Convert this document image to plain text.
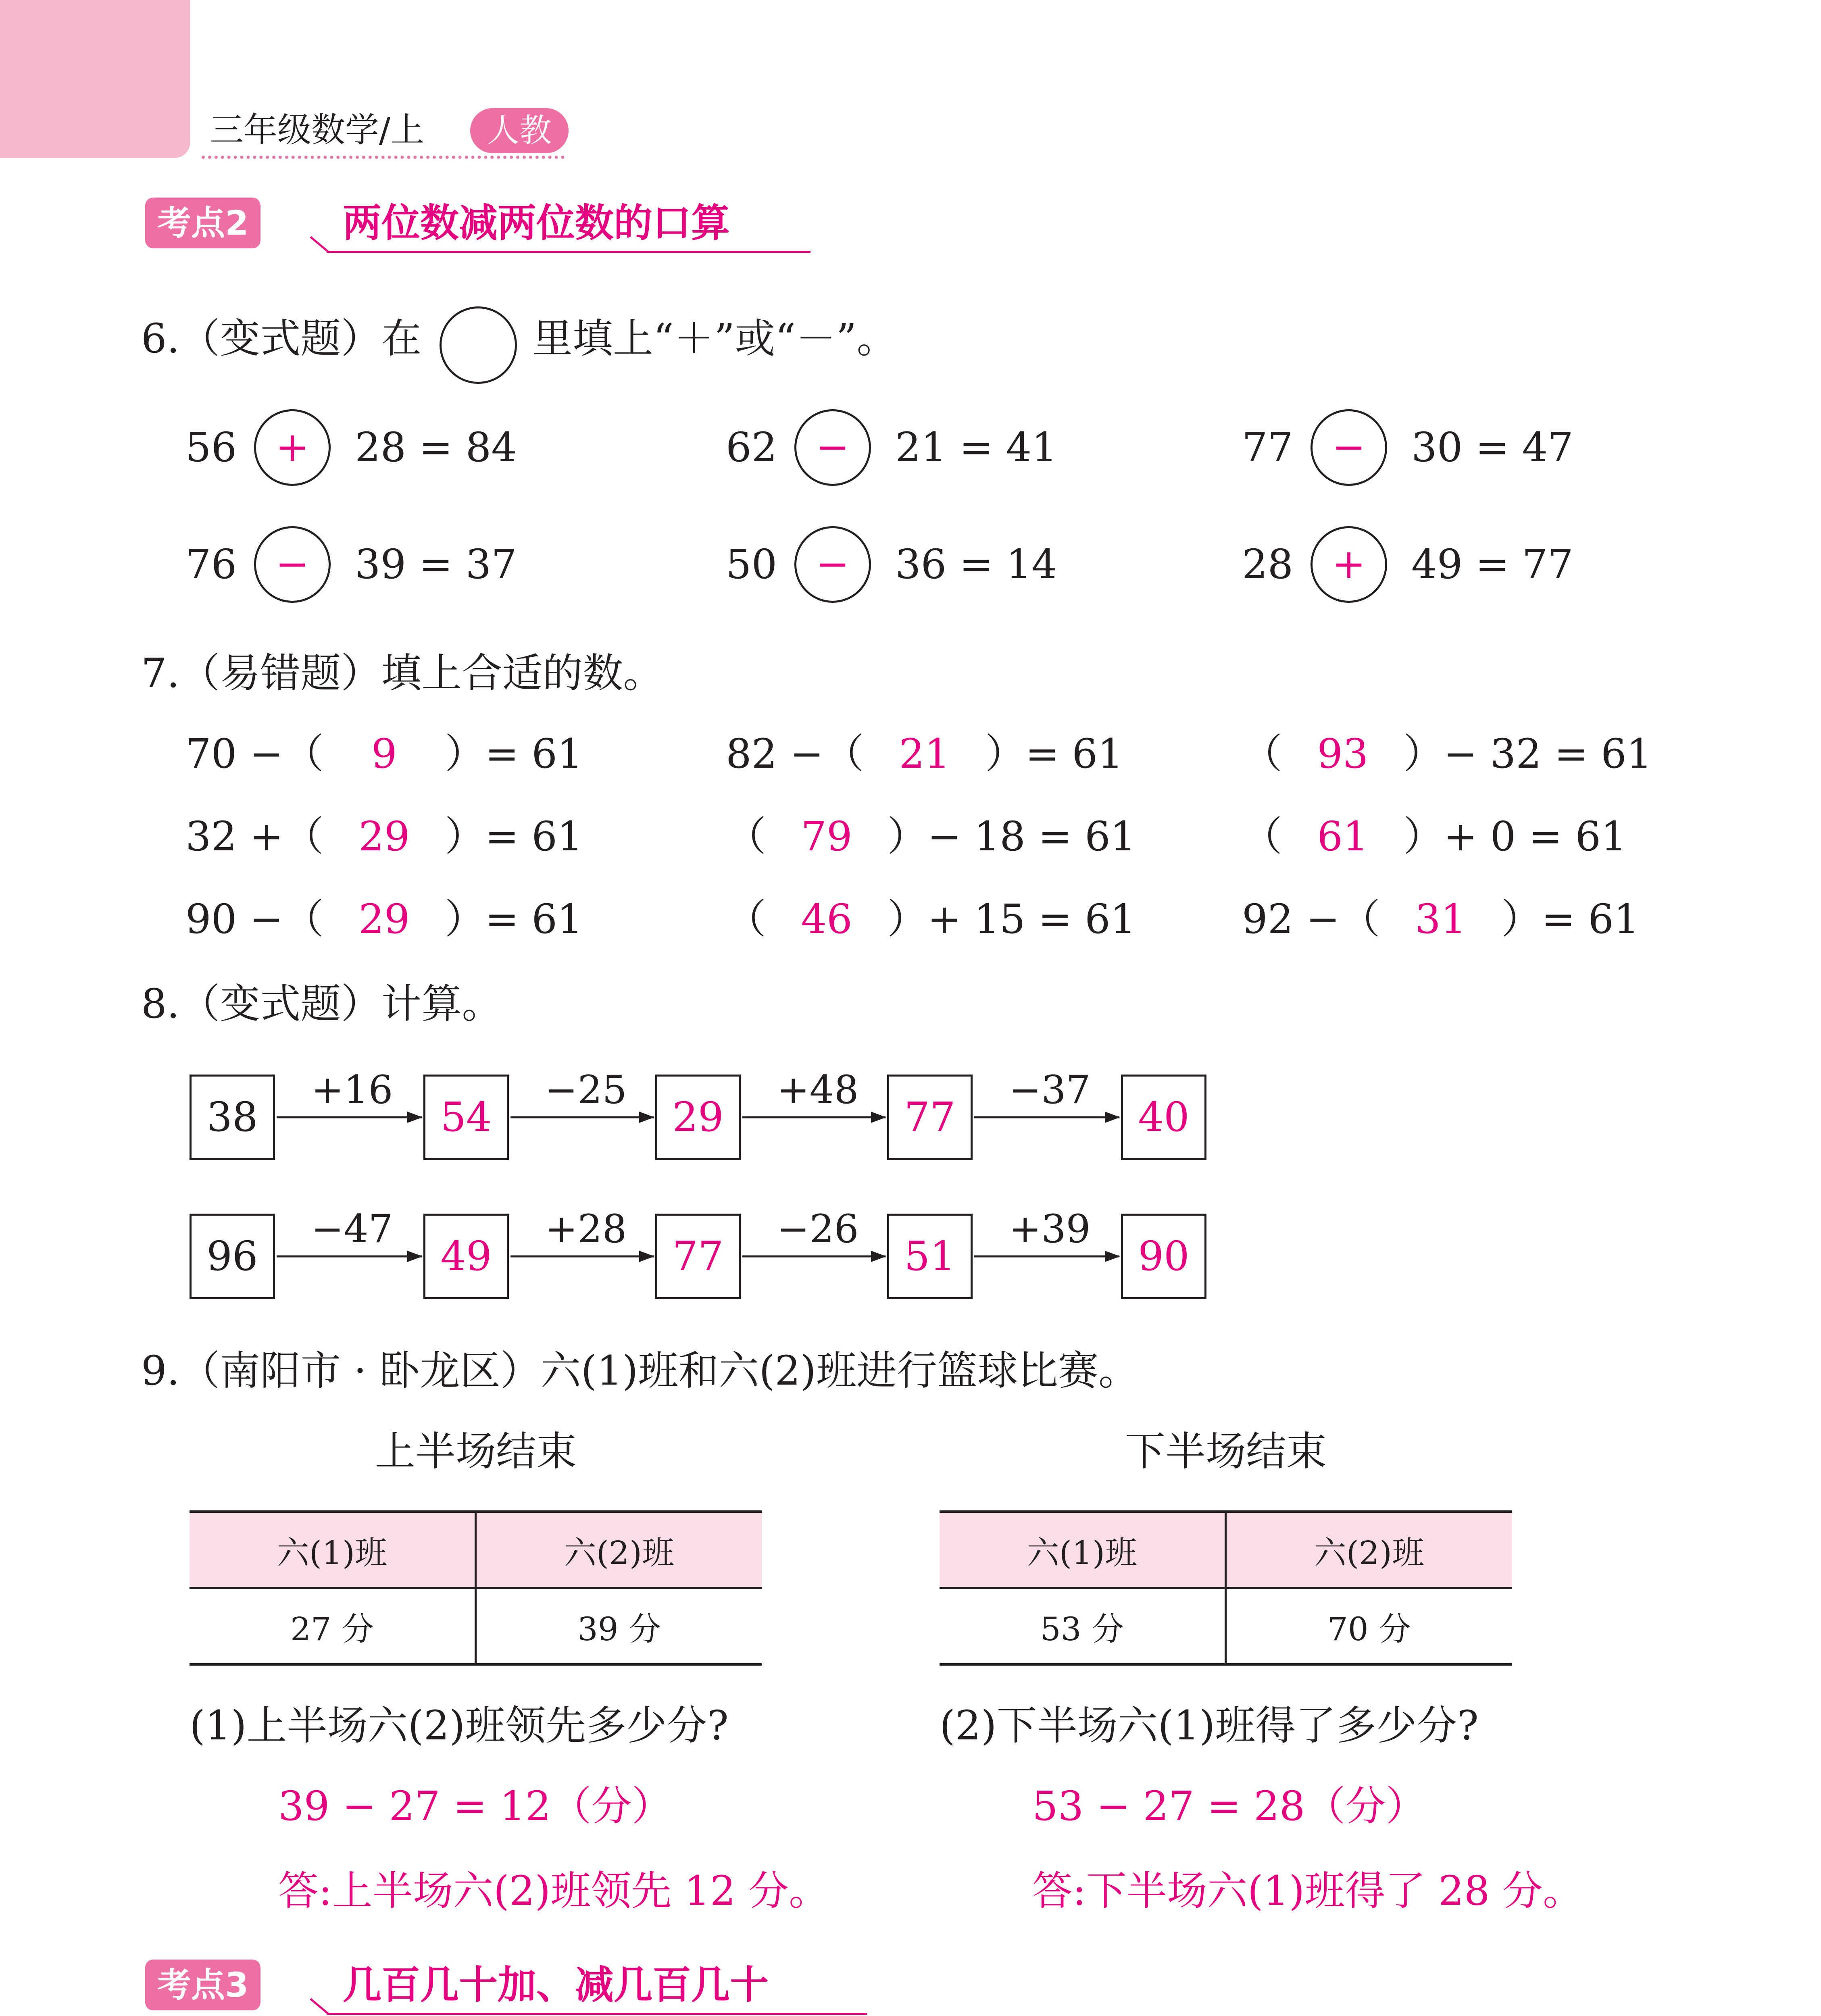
三年级数学/上	人教
考点2	两位数减两位数的口算
6.（变式题）在	里填上“＋”或“－”。
56 +	28 = 84	62 −	21 = 41	77 −	30 = 47
76 −	39 = 37	50 −	36 = 14	28 +	49 = 77
7.（易错题）填上合适的数。
70 −（ 9 ）= 61	82 −（ 21 ）= 61	（ 93 ）− 32 = 61
32 +（ 29 ）= 61	（ 79 ）− 18 = 61	（ 61 ）+ 0 = 61
90 −（ 29 ）= 61	（ 46 ）+ 15 = 61	92 −（ 31 ）= 61
8.（变式题）计算。
38	54	29	77	40
+16	−25	+48	−37
96	49	77	51	90
−47	+28	−26	+39
9.（南阳市 · 卧龙区）六(1)班和六(2)班进行篮球比赛。
上半场结束
六(1)班	六(2)班
27 分	39 分
下半场结束
六(1)班	六(2)班
53 分	70 分
(1)上半场六(2)班领先多少分?
39 − 27 = 12（分）
答:上半场六(2)班领先 12 分。
(2)下半场六(1)班得了多少分?
53 − 27 = 28（分）
答:下半场六(1)班得了 28 分。
考点3	几百几十加、减几百几十
